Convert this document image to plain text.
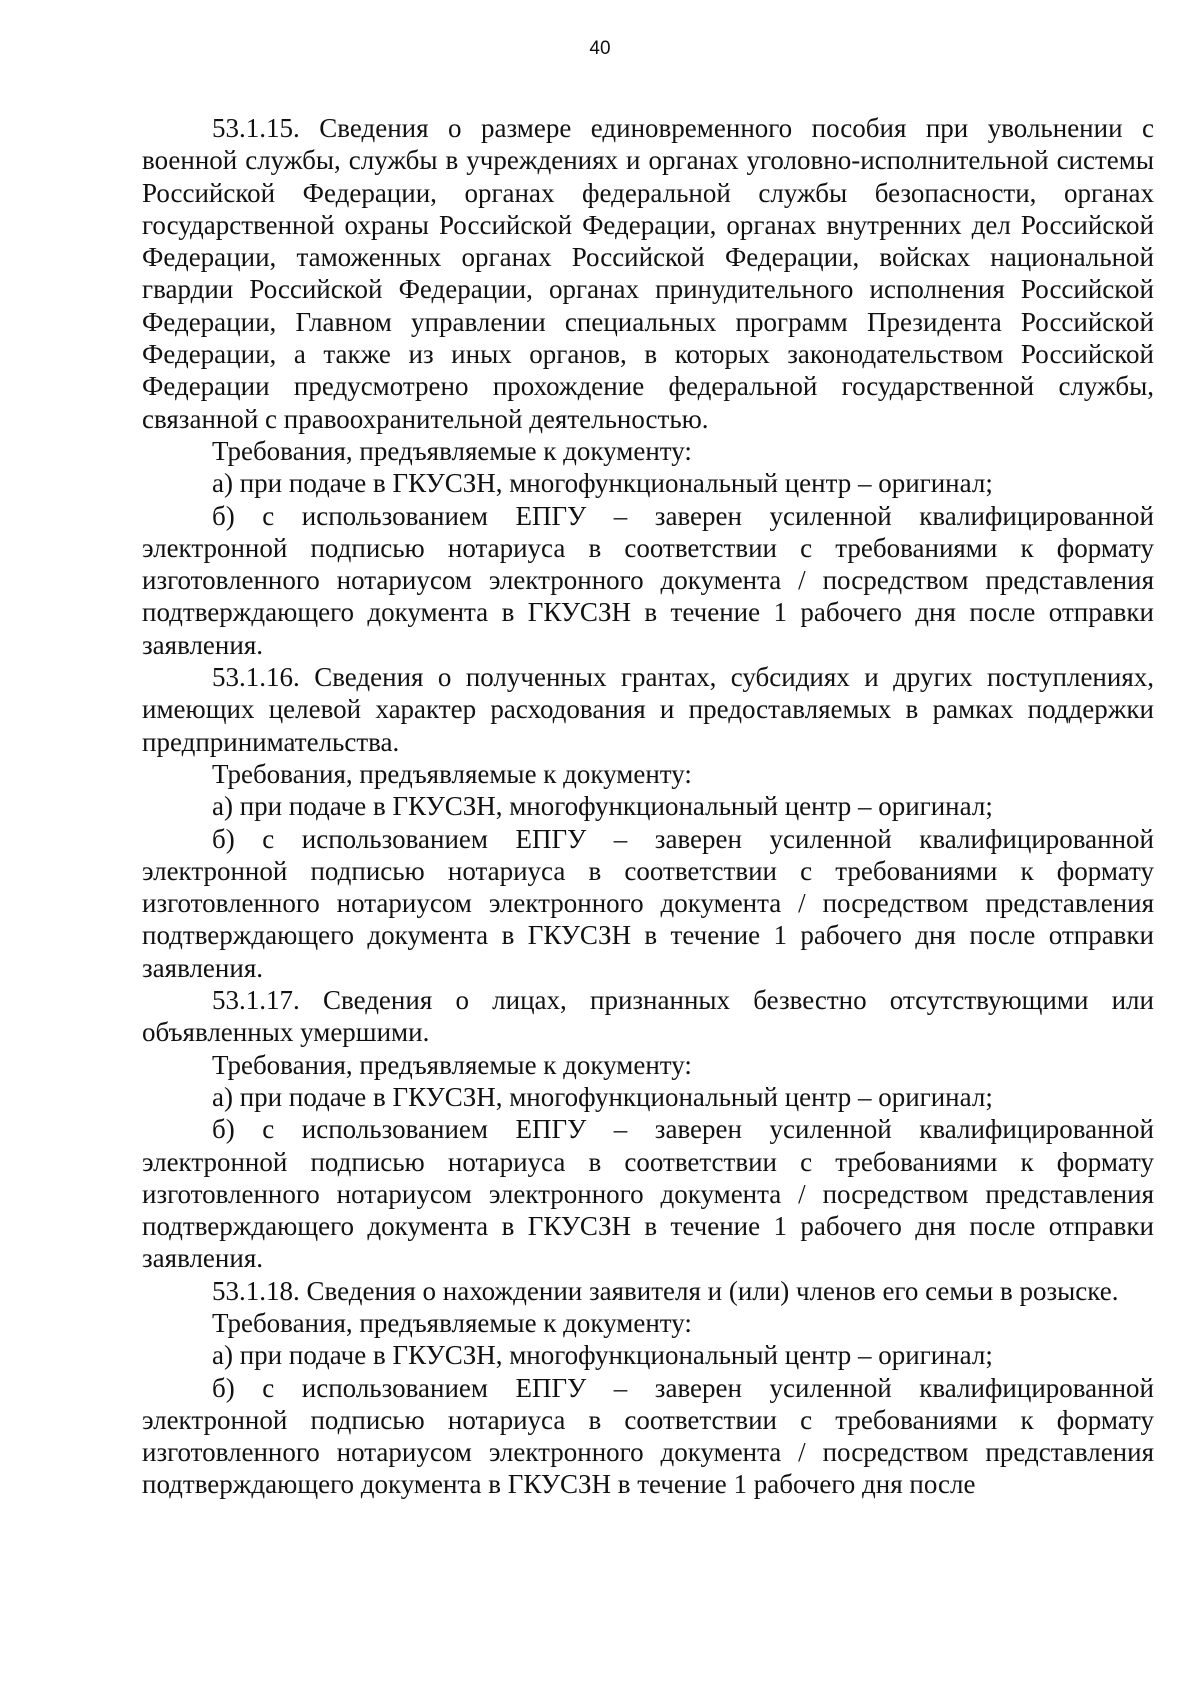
40

53.1.15. Сведения о размере единовременного пособия при увольнении с военной службы, службы в учреждениях и органах уголовно-исполнительной системы Российской Федерации, органах федеральной службы безопасности, органах государственной охраны Российской Федерации, органах внутренних дел Российской Федерации, таможенных органах Российской Федерации, войсках национальной гвардии Российской Федерации, органах принудительного исполнения Российской Федерации, Главном управлении специальных программ Президента Российской Федерации, а также из иных органов, в которых законодательством Российской Федерации предусмотрено прохождение федеральной государственной службы, связанной с правоохранительной деятельностью.

Требования, предъявляемые к документу:

а) при подаче в ГКУСЗН, многофункциональный центр – оригинал;

б) с использованием ЕПГУ – заверен усиленной квалифицированной электронной подписью нотариуса в соответствии с требованиями к формату изготовленного нотариусом электронного документа / посредством представления подтверждающего документа в ГКУСЗН в течение 1 рабочего дня после отправки заявления.

53.1.16. Сведения о полученных грантах, субсидиях и других поступлениях, имеющих целевой характер расходования и предоставляемых в рамках поддержки предпринимательства.

Требования, предъявляемые к документу:

а) при подаче в ГКУСЗН, многофункциональный центр – оригинал;

б) с использованием ЕПГУ – заверен усиленной квалифицированной электронной подписью нотариуса в соответствии с требованиями к формату изготовленного нотариусом электронного документа / посредством представления подтверждающего документа в ГКУСЗН в течение 1 рабочего дня после отправки заявления.

53.1.17. Сведения о лицах, признанных безвестно отсутствующими или объявленных умершими.

Требования, предъявляемые к документу:

а) при подаче в ГКУСЗН, многофункциональный центр – оригинал;

б) с использованием ЕПГУ – заверен усиленной квалифицированной электронной подписью нотариуса в соответствии с требованиями к формату изготовленного нотариусом электронного документа / посредством представления подтверждающего документа в ГКУСЗН в течение 1 рабочего дня после отправки заявления.

53.1.18. Сведения о нахождении заявителя и (или) членов его семьи в розыске.

Требования, предъявляемые к документу:

а) при подаче в ГКУСЗН, многофункциональный центр – оригинал;

б) с использованием ЕПГУ – заверен усиленной квалифицированной электронной подписью нотариуса в соответствии с требованиями к формату изготовленного нотариусом электронного документа / посредством представления подтверждающего документа в ГКУСЗН в течение 1 рабочего дня после
